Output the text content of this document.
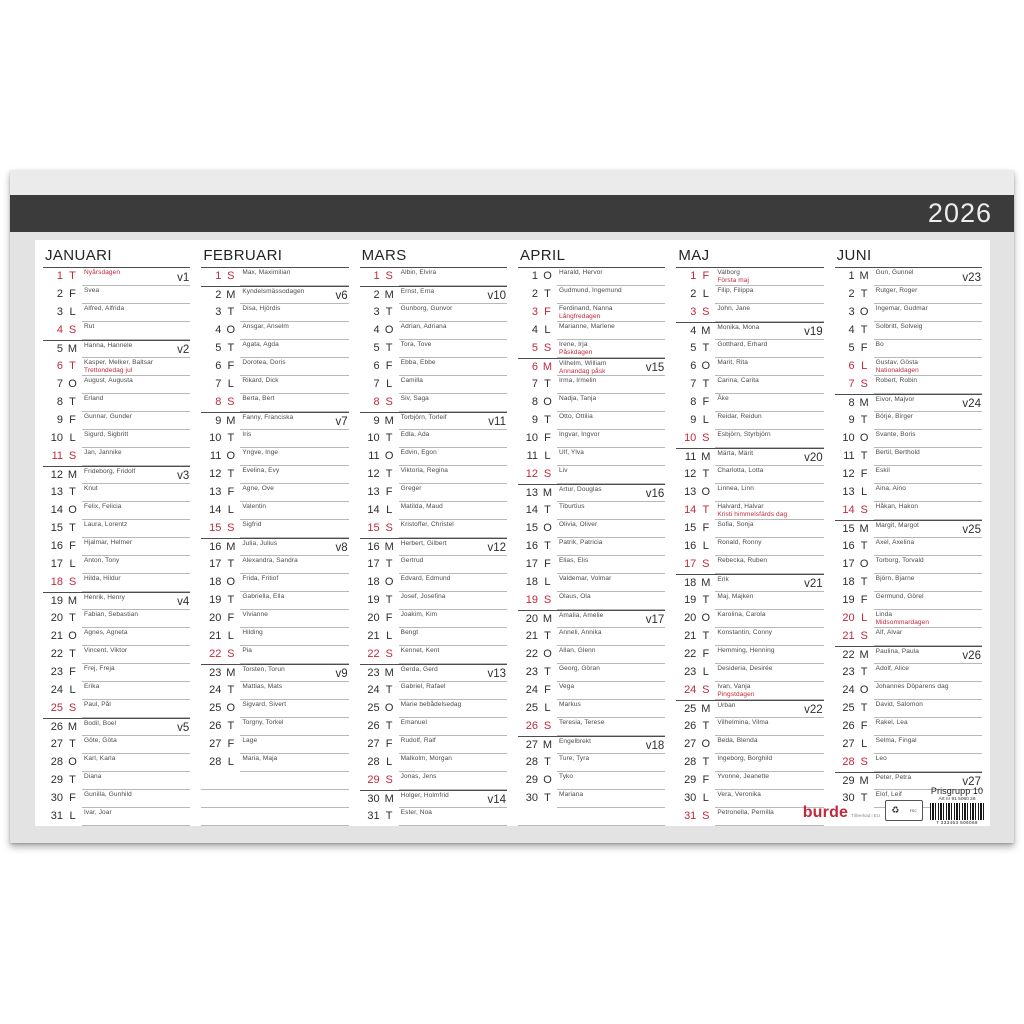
2026
JANUARI
1 T	Nyårsdagen	v1
2 F	Svea
3 L	Alfred, Alfrida
4 S	Rut
5 M Hanna, Hannele	v2
6 T	Kasper, Melker, Baltsar
Trettondedag jul
7 O	August, Augusta
8 T	Erland
9 F	Gunnar, Gunder
10 L	Sigurd, Sigbritt
11 S	Jan, Jannike
12 M Frideborg, Fridolf	v3
13 T	Knut
14 O	Felix, Felicia
15 T	Laura, Lorentz
16 F	Hjalmar, Helmer
17 L	Anton, Tony
18 S	Hilda, Hildur
19 M Henrik, Henry	v4
20 T	Fabian, Sebastian
21 O	Agnes, Agneta
22 T	Vincent, Viktor
23 F	Frej, Freja
24 L	Erika
25 S	Paul, Pål
26 M Bodil, Boel	v5
27 T	Göte, Göta
28 O	Karl, Karla
29 T	Diana
30 F	Gunilla, Gunhild
31 L	Ivar, Joar
FEBRUARI
1 S	Max, Maximilian
2 M Kyndelsmässodagen	v6
3 T	Disa, Hjördis
4 O	Ansgar, Anselm
5 T	Agata, Agda
6 F	Dorotea, Doris
7 L	Rikard, Dick
8 S	Berta, Bert
9 M Fanny, Franciska	v7
10 T	Iris
11 O	Yngve, Inge
12 T	Evelina, Evy
13 F	Agne, Ove
14 L	Valentin
15 S	Sigfrid
16 M Julia, Julius	v8
17 T	Alexandra, Sandra
18 O	Frida, Fritiof
19 T	Gabriella, Ella
20 F	Vivianne
21 L	Hilding
22 S	Pia
23 M Torsten, Torun	v9
24 T	Mattias, Mats
25 O	Sigvard, Sivert
26 T	Torgny, Torkel
27 F	Lage
28 L	Maria, Maja
MARS
1 S	Albin, Elvira
2 M Ernst, Erna	v10
3 T	Gunborg, Gunvor
4 O	Adrian, Adriana
5 T	Tora, Tove
6 F	Ebba, Ebbe
7 L	Camilla
8 S	Siv, Saga
9 M Torbjörn, Torleif	v11
10 T	Edla, Ada
11 O	Edvin, Egon
12 T	Viktoria, Regina
13 F	Greger
14 L	Matilda, Maud
15 S	Kristoffer, Christel
16 M Herbert, Gilbert	v12
17 T	Gertrud
18 O	Edvard, Edmund
19 T	Josef, Josefina
20 F	Joakim, Kim
21 L	Bengt
22 S	Kennet, Kent
23 M Gerda, Gerd	v13
24 T	Gabriel, Rafael
25 O	Marie bebådelsedag
26 T	Emanuel
27 F	Rudolf, Ralf
28 L	Malkolm, Morgan
29 S	Jonas, Jens
30 M Holger, Holmfrid	v14
31 T	Ester, Noa
APRIL
1 O	Harald, Hervor
2 T	Gudmund, Ingemund
3 F	Ferdinand, Nanna
Långfredagen
4 L	Marianne, Marlene
5 S	Irene, Irja
Påskdagen
6 M Vilhelm, William
Annandag påsk	v15
7 T	Irma, Irmelin
8 O	Nadja, Tanja
9 T	Otto, Ottilia
10 F	Ingvar, Ingvor
11 L	Ulf, Ylva
12 S	Liv
13 M Artur, Douglas	v16
14 T	Tiburtius
15 O	Olivia, Oliver
16 T	Patrik, Patricia
17 F	Elias, Elis
18 L	Valdemar, Volmar
19 S	Olaus, Ola
20 M Amalia, Amelie	v17
21 T	Anneli, Annika
22 O	Allan, Glenn
23 T	Georg, Göran
24 F	Vega
25 L	Markus
26 S	Teresia, Terese
27 M Engelbrekt	v18
28 T	Ture, Tyra
29 O	Tyko
30 T	Mariana
MAJ
1 F	Valborg
Första maj
2 L	Filip, Filippa
3 S	John, Jane
4 M Monika, Mona	v19
5 T	Gotthard, Erhard
6 O	Marit, Rita
7 T	Carina, Carita
8 F	Åke
9 L	Reidar, Reidun
10 S	Esbjörn, Styrbjörn
11 M Märta, Märit	v20
12 T	Charlotta, Lotta
13 O	Linnea, Linn
14 T	Halvard, Halvar
Kristi himmelsfärds dag
15 F	Sofia, Sonja
16 L	Ronald, Ronny
17 S	Rebecka, Ruben
18 M Erik	v21
19 T	Maj, Majken
20 O	Karolina, Carola
21 T	Konstantin, Conny
22 F	Hemming, Henning
23 L	Desideria, Desirée
24 S	Ivan, Vanja
Pingstdagen
25 M Urban	v22
26 T	Vilhelmina, Vilma
27 O	Beda, Blenda
28 T	Ingeborg, Borghild
29 F	Yvonne, Jeanette
30 L	Vera, Veronika
31 S	Petronella, Pernilla
JUNI
1 M Gun, Gunnel	v23
2 T	Rutger, Roger
3 O	Ingemar, Gudmar
4 T	Solbritt, Solveig
5 F	Bo
6 L	Gustav, Gösta
Nationaldagen
7 S	Robert, Robin
8 M Eivor, Majvor	v24
9 T	Börje, Birger
10 O	Svante, Boris
11 T	Bertil, Berthold
12 F	Eskil
13 L	Aina, Aino
14 S	Håkan, Hakon
15 M Margit, Margot	v25
16 T	Axel, Axelina
17 O	Torborg, Torvald
18 T	Björn, Bjarne
19 F	Germund, Görel
20 L	Linda
Midsommardagen
21 S	Alf, Alvar
22 M Paulina, Paula	v26
23 T	Adolf, Alice
24 O	Johannes Döparens dag
25 T	David, Salomon
26 F	Rakel, Lea
27 L	Selma, Fingal
28 S	Leo
29 M Peter, Petra	v27
30 T	Elof, Leif
burde Tillverkad i EU
♻	FSC
Prisgrupp 10
Art nr 91 5060 26
7 333453 506069
